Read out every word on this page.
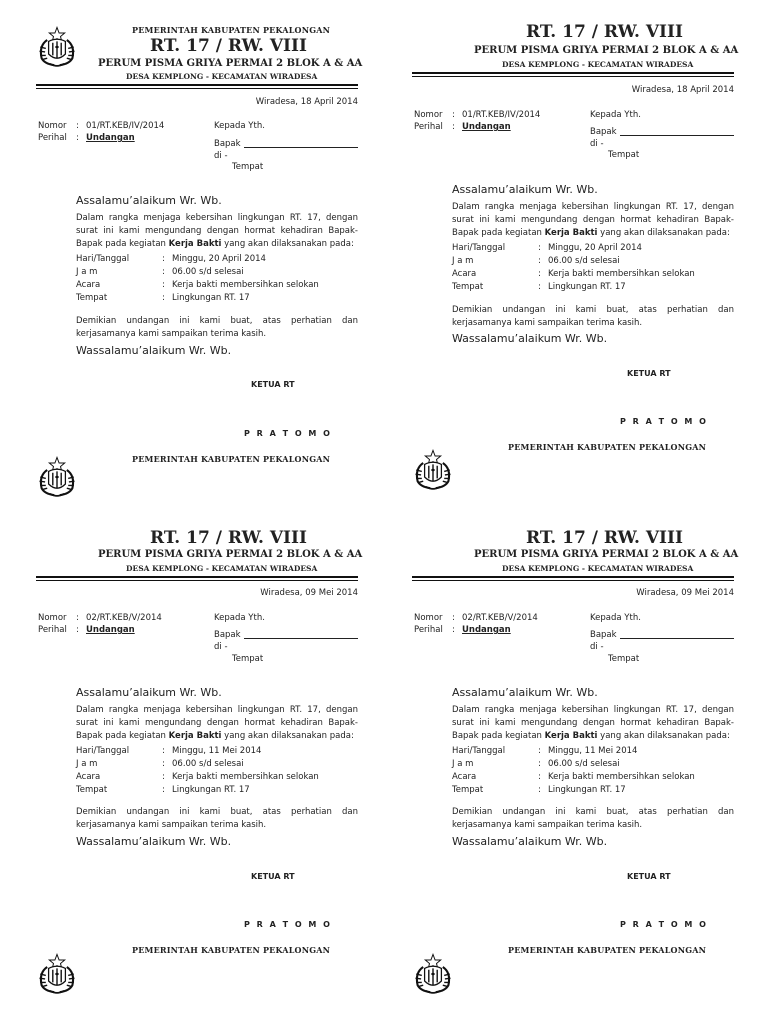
PEMERINTAH KABUPATEN PEKALONGAN
RT. 17 / RW. VIII
PERUM PISMA GRIYA PERMAI 2 BLOK A & AA
DESA KEMPLONG - KECAMATAN WIRADESA
Wiradesa, 18 April 2014
Nomor : 01/RT.KEB/IV/2014
Perihal : Undangan
Kepada Yth.
Bapak
di -
Tempat
Assalamu’alaikum Wr. Wb.
Dalam rangka menjaga kebersihan lingkungan RT. 17, dengan surat ini kami mengundang dengan hormat kehadiran Bapak-Bapak pada kegiatan Kerja Bakti yang akan dilaksanakan pada:
Hari/Tanggal	: Minggu, 20 April 2014
J a m	: 06.00 s/d selesai
Acara	: Kerja bakti membersihkan selokan
Tempat	: Lingkungan RT. 17
Demikian undangan ini kami buat, atas perhatian dan kerjasamanya kami sampaikan terima kasih.
Wassalamu’alaikum Wr. Wb.
KETUA RT
P R A T O M O
RT. 17 / RW. VIII
PERUM PISMA GRIYA PERMAI 2 BLOK A & AA
DESA KEMPLONG - KECAMATAN WIRADESA
Wiradesa, 18 April 2014
Nomor : 01/RT.KEB/IV/2014
Perihal : Undangan
Kepada Yth.
Bapak
di -
Tempat
Assalamu’alaikum Wr. Wb.
Dalam rangka menjaga kebersihan lingkungan RT. 17, dengan surat ini kami mengundang dengan hormat kehadiran Bapak-Bapak pada kegiatan Kerja Bakti yang akan dilaksanakan pada:
Hari/Tanggal	: Minggu, 20 April 2014
J a m	: 06.00 s/d selesai
Acara	: Kerja bakti membersihkan selokan
Tempat	: Lingkungan RT. 17
Demikian undangan ini kami buat, atas perhatian dan kerjasamanya kami sampaikan terima kasih.
Wassalamu’alaikum Wr. Wb.
KETUA RT
P R A T O M O
PEMERINTAH KABUPATEN PEKALONGAN
PEMERINTAH KABUPATEN PEKALONGAN
RT. 17 / RW. VIII
PERUM PISMA GRIYA PERMAI 2 BLOK A & AA
DESA KEMPLONG - KECAMATAN WIRADESA
Wiradesa, 09 Mei 2014
Nomor : 02/RT.KEB/V/2014
Perihal : Undangan
Kepada Yth.
Bapak
di -
Tempat
Assalamu’alaikum Wr. Wb.
Dalam rangka menjaga kebersihan lingkungan RT. 17, dengan surat ini kami mengundang dengan hormat kehadiran Bapak-Bapak pada kegiatan Kerja Bakti yang akan dilaksanakan pada:
Hari/Tanggal	: Minggu, 11 Mei 2014
J a m	: 06.00 s/d selesai
Acara	: Kerja bakti membersihkan selokan
Tempat	: Lingkungan RT. 17
Demikian undangan ini kami buat, atas perhatian dan kerjasamanya kami sampaikan terima kasih.
Wassalamu’alaikum Wr. Wb.
KETUA RT
P R A T O M O
RT. 17 / RW. VIII
PERUM PISMA GRIYA PERMAI 2 BLOK A & AA
DESA KEMPLONG - KECAMATAN WIRADESA
Wiradesa, 09 Mei 2014
Nomor : 02/RT.KEB/V/2014
Perihal : Undangan
Kepada Yth.
Bapak
di -
Tempat
Assalamu’alaikum Wr. Wb.
Dalam rangka menjaga kebersihan lingkungan RT. 17, dengan surat ini kami mengundang dengan hormat kehadiran Bapak-Bapak pada kegiatan Kerja Bakti yang akan dilaksanakan pada:
Hari/Tanggal	: Minggu, 11 Mei 2014
J a m	: 06.00 s/d selesai
Acara	: Kerja bakti membersihkan selokan
Tempat	: Lingkungan RT. 17
Demikian undangan ini kami buat, atas perhatian dan kerjasamanya kami sampaikan terima kasih.
Wassalamu’alaikum Wr. Wb.
KETUA RT
P R A T O M O
PEMERINTAH KABUPATEN PEKALONGAN	PEMERINTAH KABUPATEN PEKALONGAN
